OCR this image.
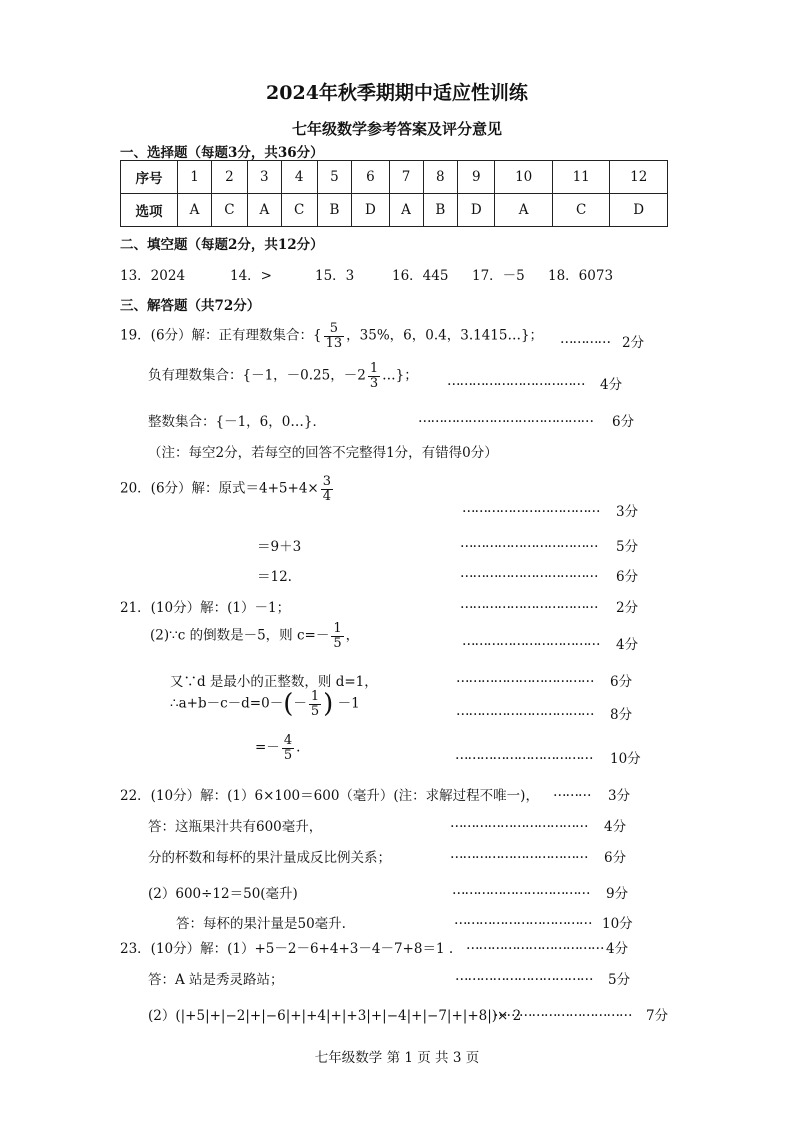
2024年秋季期期中适应性训练
七年级数学参考答案及评分意见
一、选择题（每题3分，共36分）
序号	1	2	3	4	5	6	7	8	9	10	11	12
选项	A	C	A	C	B	D	A	B	D	A	C	D
二、填空题（每题2分，共12分）
13．2024	14．>	15．3	16．445 17．－5 18．6073
三、解答题（共72分）
19．(6分）解：正有理数集合：{ $\frac{5}{13}$ ，35%，6，0.4̇，3.1415…}； ………… 2分
负有理数集合：{－1，－0.25，$-2 \frac{1}{3}$ …}； …………………………… 4分
整数集合：{－1，6，0…}．	…………………………………… 6分
（注：每空2分，若每空的回答不完整得1分，有错得0分）
20．(6分）解：原式$=4+5+4\times \frac{3}{4}$
…………………………… 3分
＝9＋3	…………………………… 5分
＝12.	…………………………… 6分
21．(10分）解：(1）－1；	…………………………… 2分
(2)∵c 的倒数是－5，则 $c=- \frac{1}{5}$ ，	…………………………… 4分
又∵d 是最小的正整数，则 d=1，	…………………………… 6分
∴a+b－c－d=0－(－ $\frac{1}{5}$ ) －1	…………………………… 8分
=－ $\frac{4}{5}$ .	…………………………… 10分
22．(10分）解：(1）6×100＝600（毫升）(注：求解过程不唯一)， ……… 3分
答：这瓶果汁共有600毫升，	…………………………… 4分
分的杯数和每杯的果汁量成反比例关系；	…………………………… 6分
(2）600÷12＝50(毫升)	…………………………… 9分
答：每杯的果汁量是50毫升.	…………………………… 10分
23．(10分）解：(1）+5－2－6+4+3－4－7+8＝1 . …………………………… 4分
答：A 站是秀灵路站；	…………………………… 5分
(2）(|+5|+|−2|+|−6|+|+4|+|+3|+|−4|+|−7|+|+8|)× 2
…………………………… 7分
七年级数学 第 1 页 共 3 页
